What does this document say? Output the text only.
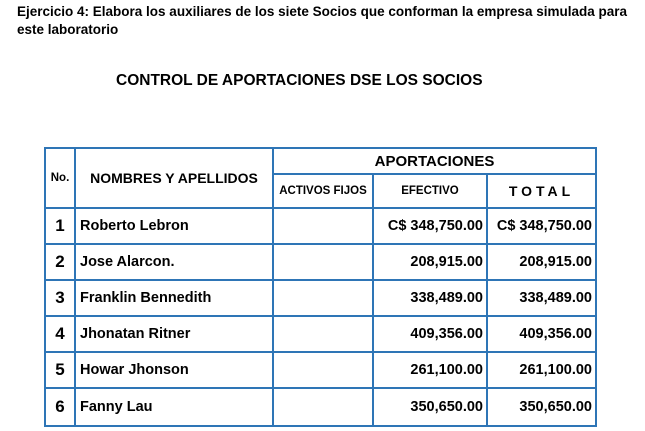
Ejercicio 4: Elabora los auxiliares de los siete Socios que conforman la empresa simulada para este laboratorio
CONTROL DE APORTACIONES DSE LOS SOCIOS
No.	NOMBRES Y APELLIDOS	APORTACIONES		
		ACTIVOS FIJOS	EFECTIVO	TOTAL
1	Roberto Lebron		C$ 348,750.00	C$ 348,750.00
2	Jose Alarcon.		208,915.00	208,915.00
3	Franklin Bennedith		338,489.00	338,489.00
4	Jhonatan Ritner		409,356.00	409,356.00
5	Howar Jhonson		261,100.00	261,100.00
6	Fanny Lau		350,650.00	350,650.00
